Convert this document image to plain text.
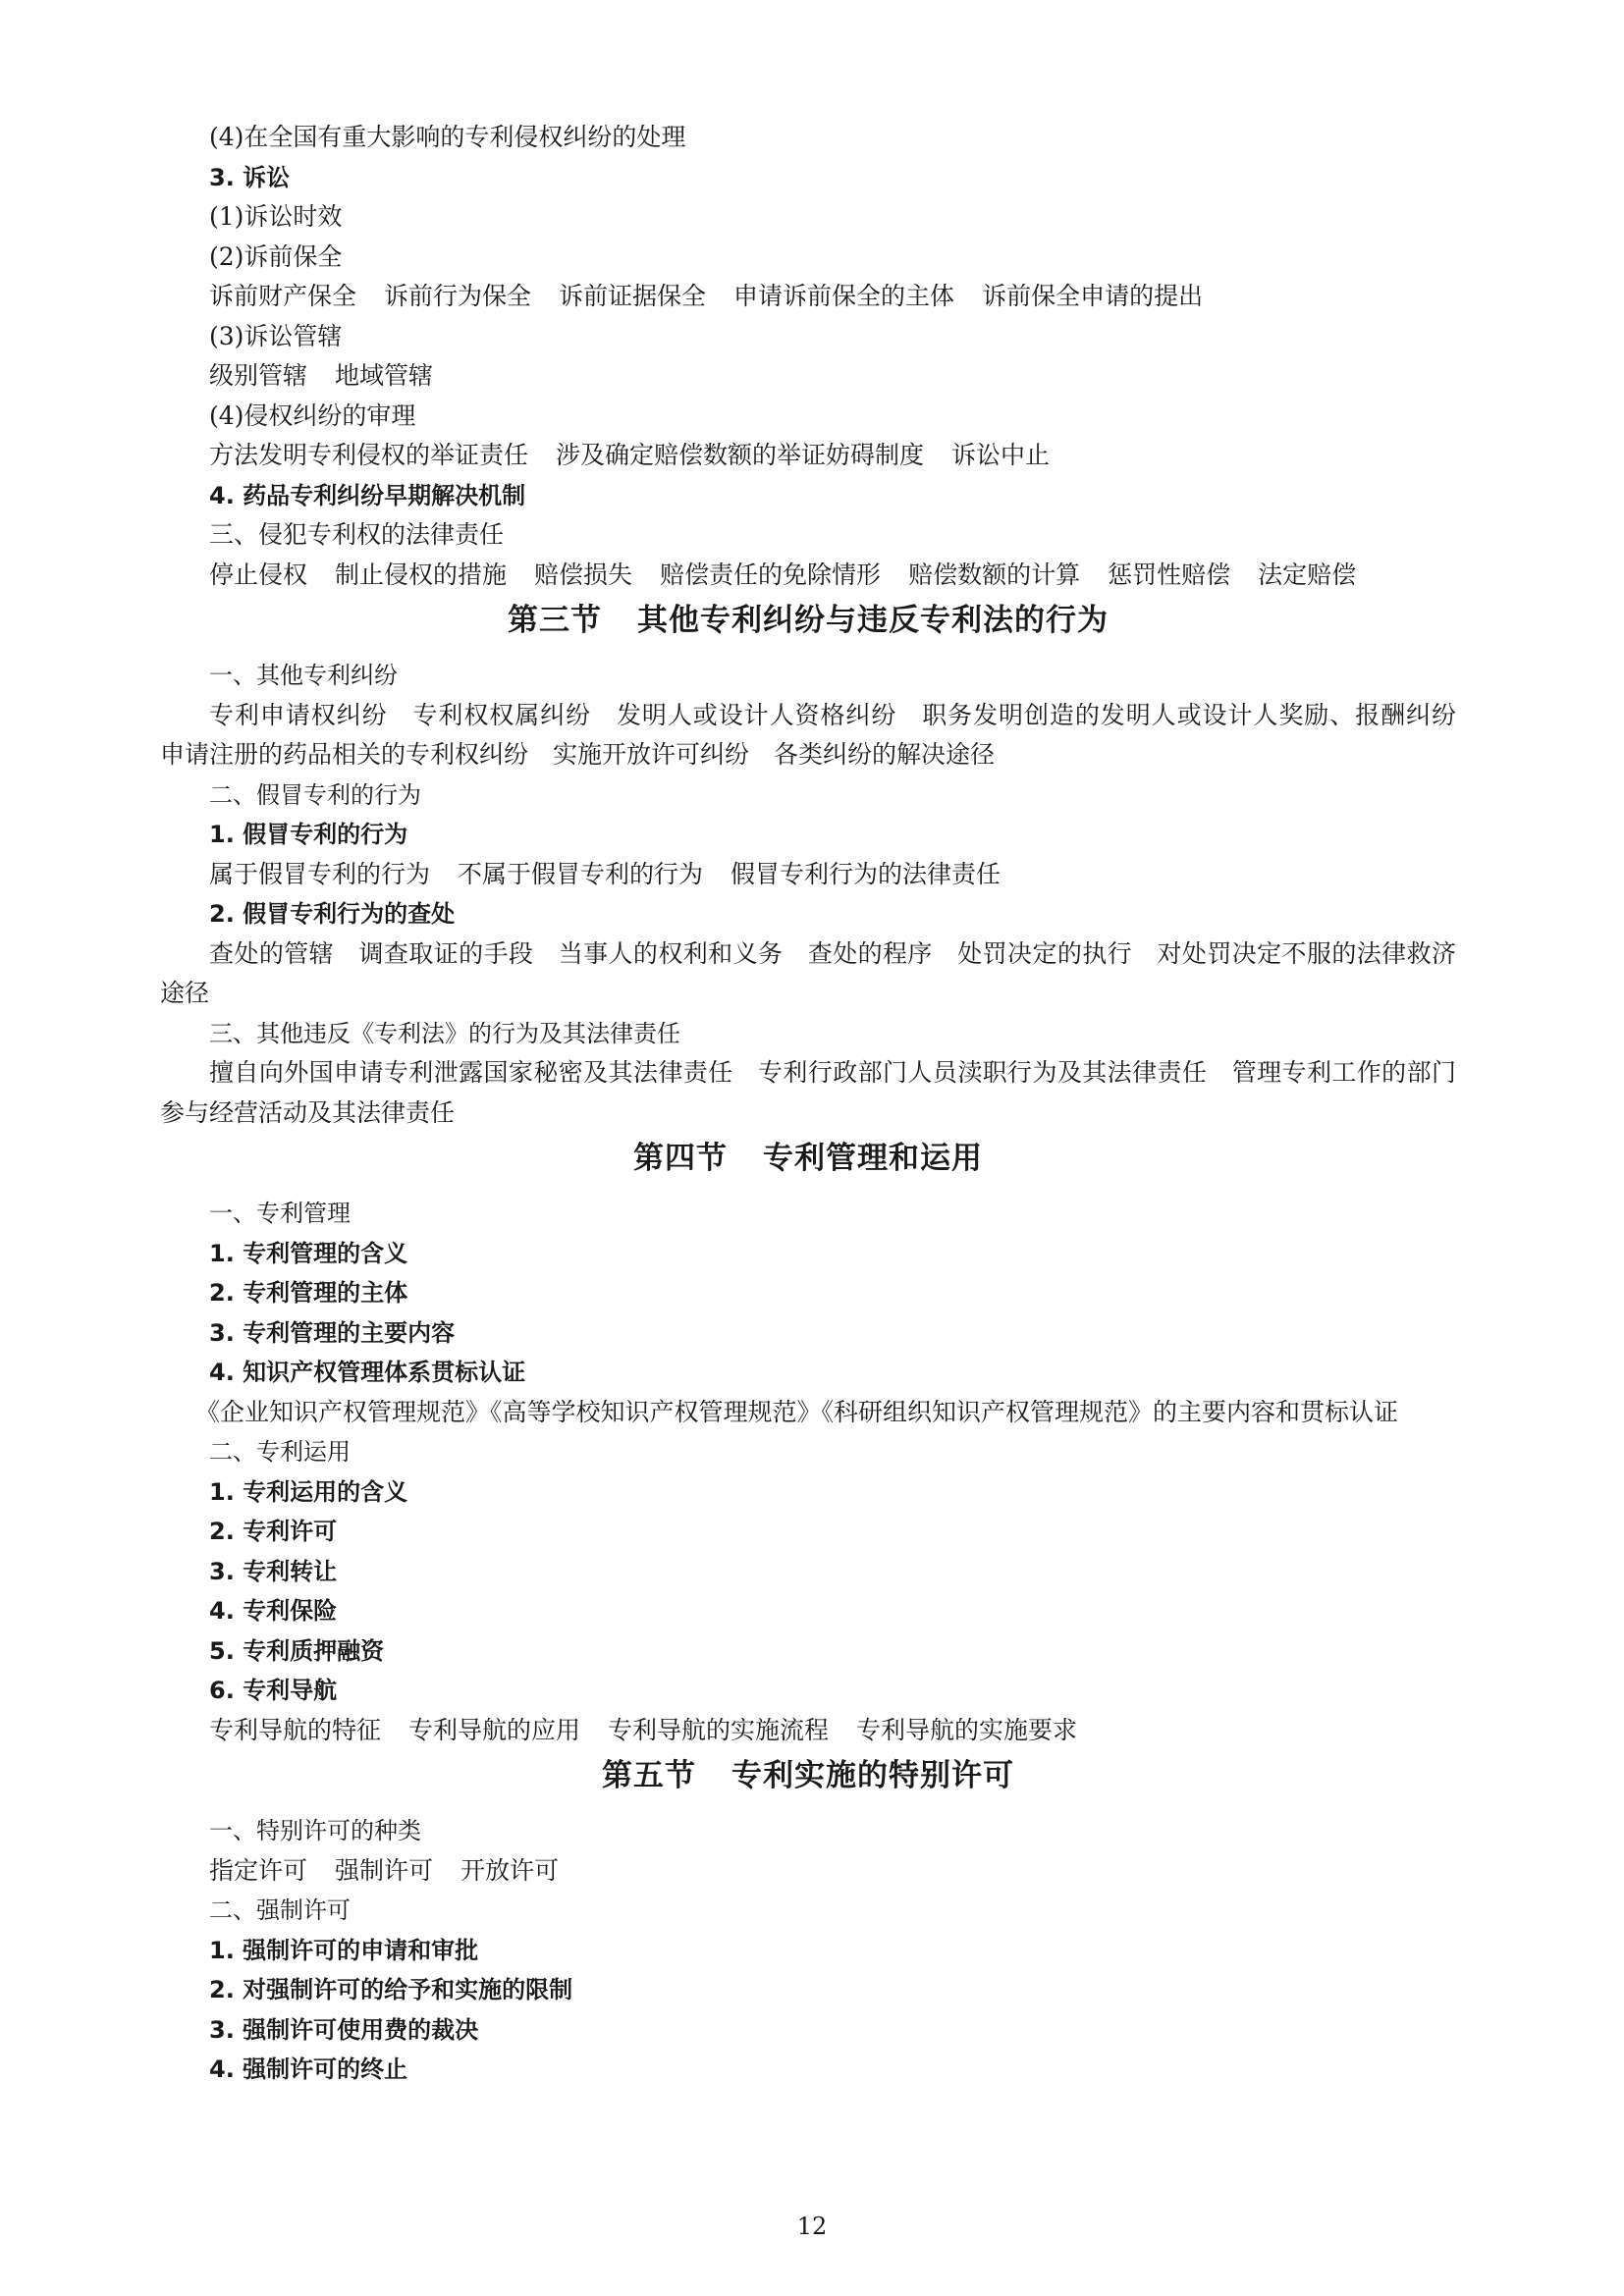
(4)在全国有重大影响的专利侵权纠纷的处理
3. 诉讼
(1)诉讼时效
(2)诉前保全
诉前财产保全 诉前行为保全 诉前证据保全 申请诉前保全的主体 诉前保全申请的提出
(3)诉讼管辖
级别管辖 地域管辖
(4)侵权纠纷的审理
方法发明专利侵权的举证责任 涉及确定赔偿数额的举证妨碍制度 诉讼中止
4. 药品专利纠纷早期解决机制
三、侵犯专利权的法律责任
停止侵权 制止侵权的措施 赔偿损失 赔偿责任的免除情形 赔偿数额的计算 惩罚性赔偿 法定赔偿
第三节 其他专利纠纷与违反专利法的行为
一、其他专利纠纷
专利申请权纠纷　专利权权属纠纷　发明人或设计人资格纠纷　职务发明创造的发明人或设计人奖励、报酬纠纷　申请注册的药品相关的专利权纠纷　实施开放许可纠纷　各类纠纷的解决途径
二、假冒专利的行为
1. 假冒专利的行为
属于假冒专利的行为 不属于假冒专利的行为 假冒专利行为的法律责任
2. 假冒专利行为的查处
查处的管辖　调查取证的手段　当事人的权利和义务　查处的程序　处罚决定的执行　对处罚决定不服的法律救济途径
三、其他违反《专利法》的行为及其法律责任
擅自向外国申请专利泄露国家秘密及其法律责任　专利行政部门人员渎职行为及其法律责任　管理专利工作的部门参与经营活动及其法律责任
第四节 专利管理和运用
一、专利管理
1. 专利管理的含义
2. 专利管理的主体
3. 专利管理的主要内容
4. 知识产权管理体系贯标认证
《企业知识产权管理规范》《高等学校知识产权管理规范》《科研组织知识产权管理规范》的主要内容和贯标认证
二、专利运用
1. 专利运用的含义
2. 专利许可
3. 专利转让
4. 专利保险
5. 专利质押融资
6. 专利导航
专利导航的特征 专利导航的应用 专利导航的实施流程 专利导航的实施要求
第五节 专利实施的特别许可
一、特别许可的种类
指定许可 强制许可 开放许可
二、强制许可
1. 强制许可的申请和审批
2. 对强制许可的给予和实施的限制
3. 强制许可使用费的裁决
4. 强制许可的终止
12
